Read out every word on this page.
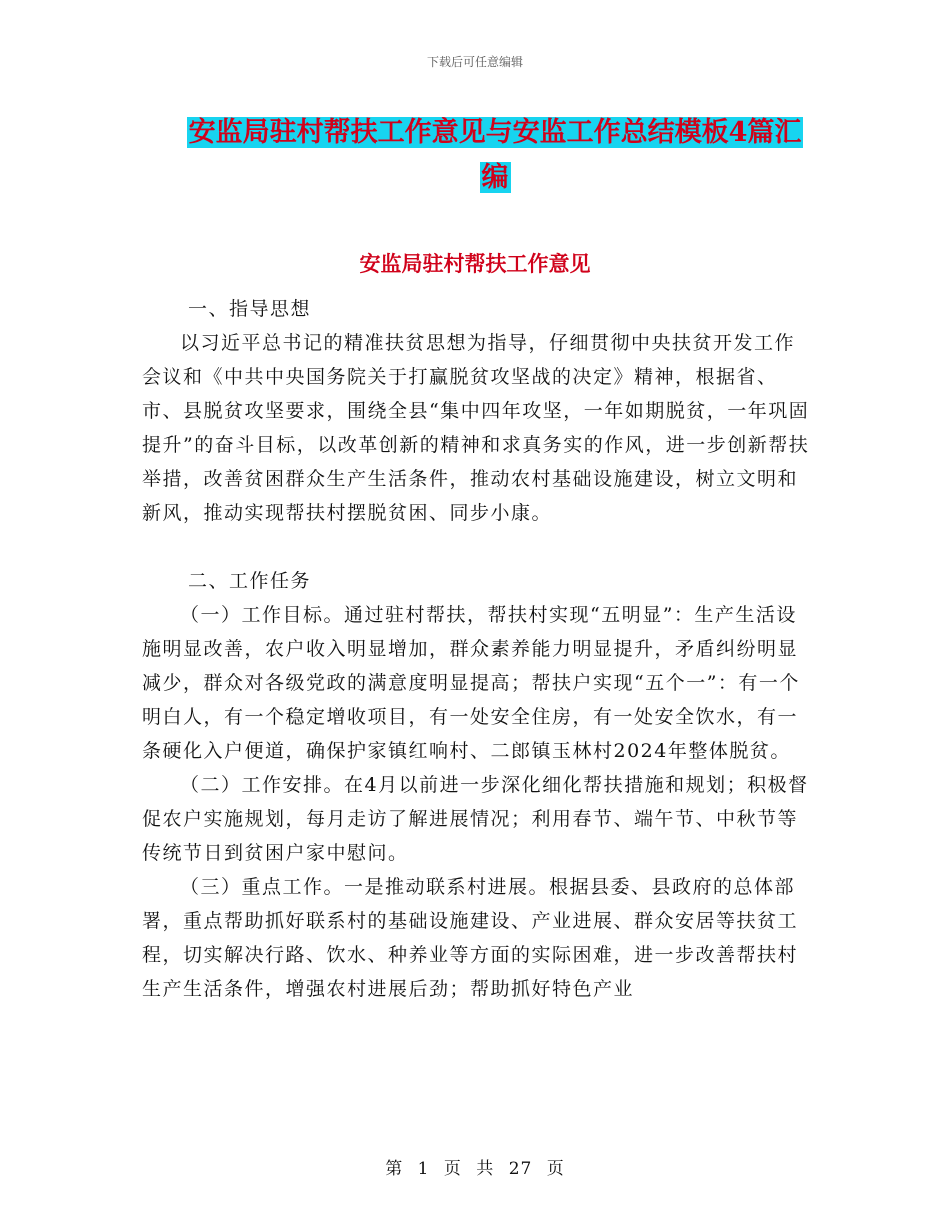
下载后可任意编辑
安监局驻村帮扶工作意见与安监工作总结模板4篇汇编
安监局驻村帮扶工作意见

一、指导思想

以习近平总书记的精准扶贫思想为指导，仔细贯彻中央扶贫开发工作会议和《中共中央国务院关于打赢脱贫攻坚战的决定》精神，根据省、市、县脱贫攻坚要求，围绕全县“集中四年攻坚，一年如期脱贫，一年巩固提升”的奋斗目标，以改革创新的精神和求真务实的作风，进一步创新帮扶举措，改善贫困群众生产生活条件，推动农村基础设施建设，树立文明和新风，推动实现帮扶村摆脱贫困、同步小康。

二、工作任务

（一）工作目标。通过驻村帮扶，帮扶村实现“五明显”：生产生活设施明显改善，农户收入明显增加，群众素养能力明显提升，矛盾纠纷明显减少，群众对各级党政的满意度明显提高；帮扶户实现“五个一”：有一个明白人，有一个稳定增收项目，有一处安全住房，有一处安全饮水，有一条硬化入户便道，确保护家镇红响村、二郎镇玉林村2024年整体脱贫。

（二）工作安排。在4月以前进一步深化细化帮扶措施和规划；积极督促农户实施规划，每月走访了解进展情况；利用春节、端午节、中秋节等传统节日到贫困户家中慰问。

（三）重点工作。一是推动联系村进展。根据县委、县政府的总体部署，重点帮助抓好联系村的基础设施建设、产业进展、群众安居等扶贫工程，切实解决行路、饮水、种养业等方面的实际困难，进一步改善帮扶村生产生活条件，增强农村进展后劲；帮助抓好特色产业

第 1 页 共 27 页
